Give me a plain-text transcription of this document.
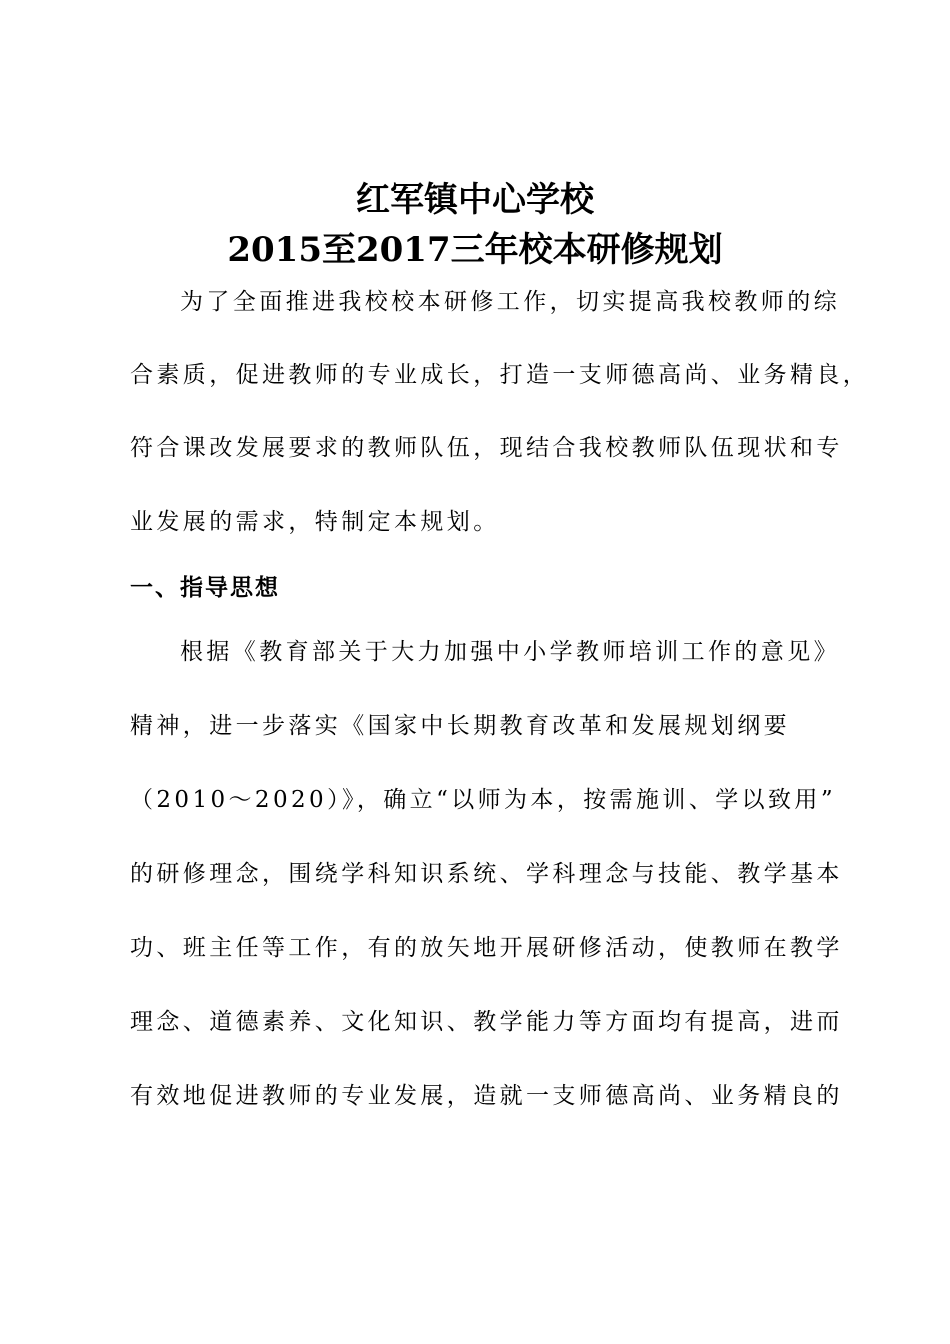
红军镇中心学校
2015至2017三年校本研修规划
为了全面推进我校校本研修工作，切实提高我校教师的综
合素质，促进教师的专业成长，打造一支师德高尚、业务精良，
符合课改发展要求的教师队伍，现结合我校教师队伍现状和专
业发展的需求，特制定本规划。
一、指导思想
根据《教育部关于大力加强中小学教师培训工作的意见》
精神，进一步落实《国家中长期教育改革和发展规划纲要
（2010～2020）》，确立“以师为本，按需施训、学以致用”
的研修理念，围绕学科知识系统、学科理念与技能、教学基本
功、班主任等工作，有的放矢地开展研修活动，使教师在教学
理念、道德素养、文化知识、教学能力等方面均有提高，进而
有效地促进教师的专业发展，造就一支师德高尚、业务精良的
